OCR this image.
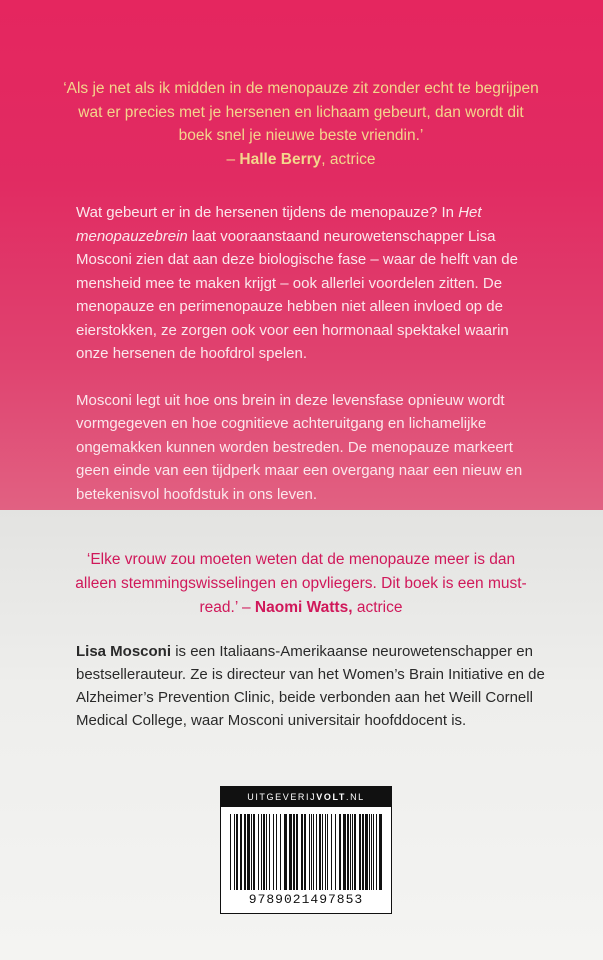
‘Als je net als ik midden in de menopauze zit zonder echt te begrijpen wat er precies met je hersenen en lichaam gebeurt, dan wordt dit boek snel je nieuwe beste vriendin.’
– Halle Berry, actrice

Wat gebeurt er in de hersenen tijdens de menopauze? In Het menopauzebrein laat vooraanstaand neurowetenschapper Lisa Mosconi zien dat aan deze biologische fase – waar de helft van de mensheid mee te maken krijgt – ook allerlei voordelen zitten. De menopauze en perimenopauze hebben niet alleen invloed op de eierstokken, ze zorgen ook voor een hormonaal spektakel waarin onze hersenen de hoofdrol spelen.

Mosconi legt uit hoe ons brein in deze levensfase opnieuw wordt vormgegeven en hoe cognitieve achteruitgang en lichamelijke ongemakken kunnen worden bestreden. De menopauze markeert geen einde van een tijdperk maar een overgang naar een nieuw en betekenisvol hoofdstuk in ons leven.

‘Elke vrouw zou moeten weten dat de menopauze meer is dan alleen stemmingswisselingen en opvliegers. Dit boek is een must-read.’ – Naomi Watts, actrice
Lisa Mosconi is een Italiaans-Amerikaanse neurowetenschapper en bestsellerauteur. Ze is directeur van het Women’s Brain Initiative en de Alzheimer’s Prevention Clinic, beide verbonden aan het Weill Cornell Medical College, waar Mosconi universitair hoofddocent is.
UITGEVERIJVOLT.NL
9789021497853
